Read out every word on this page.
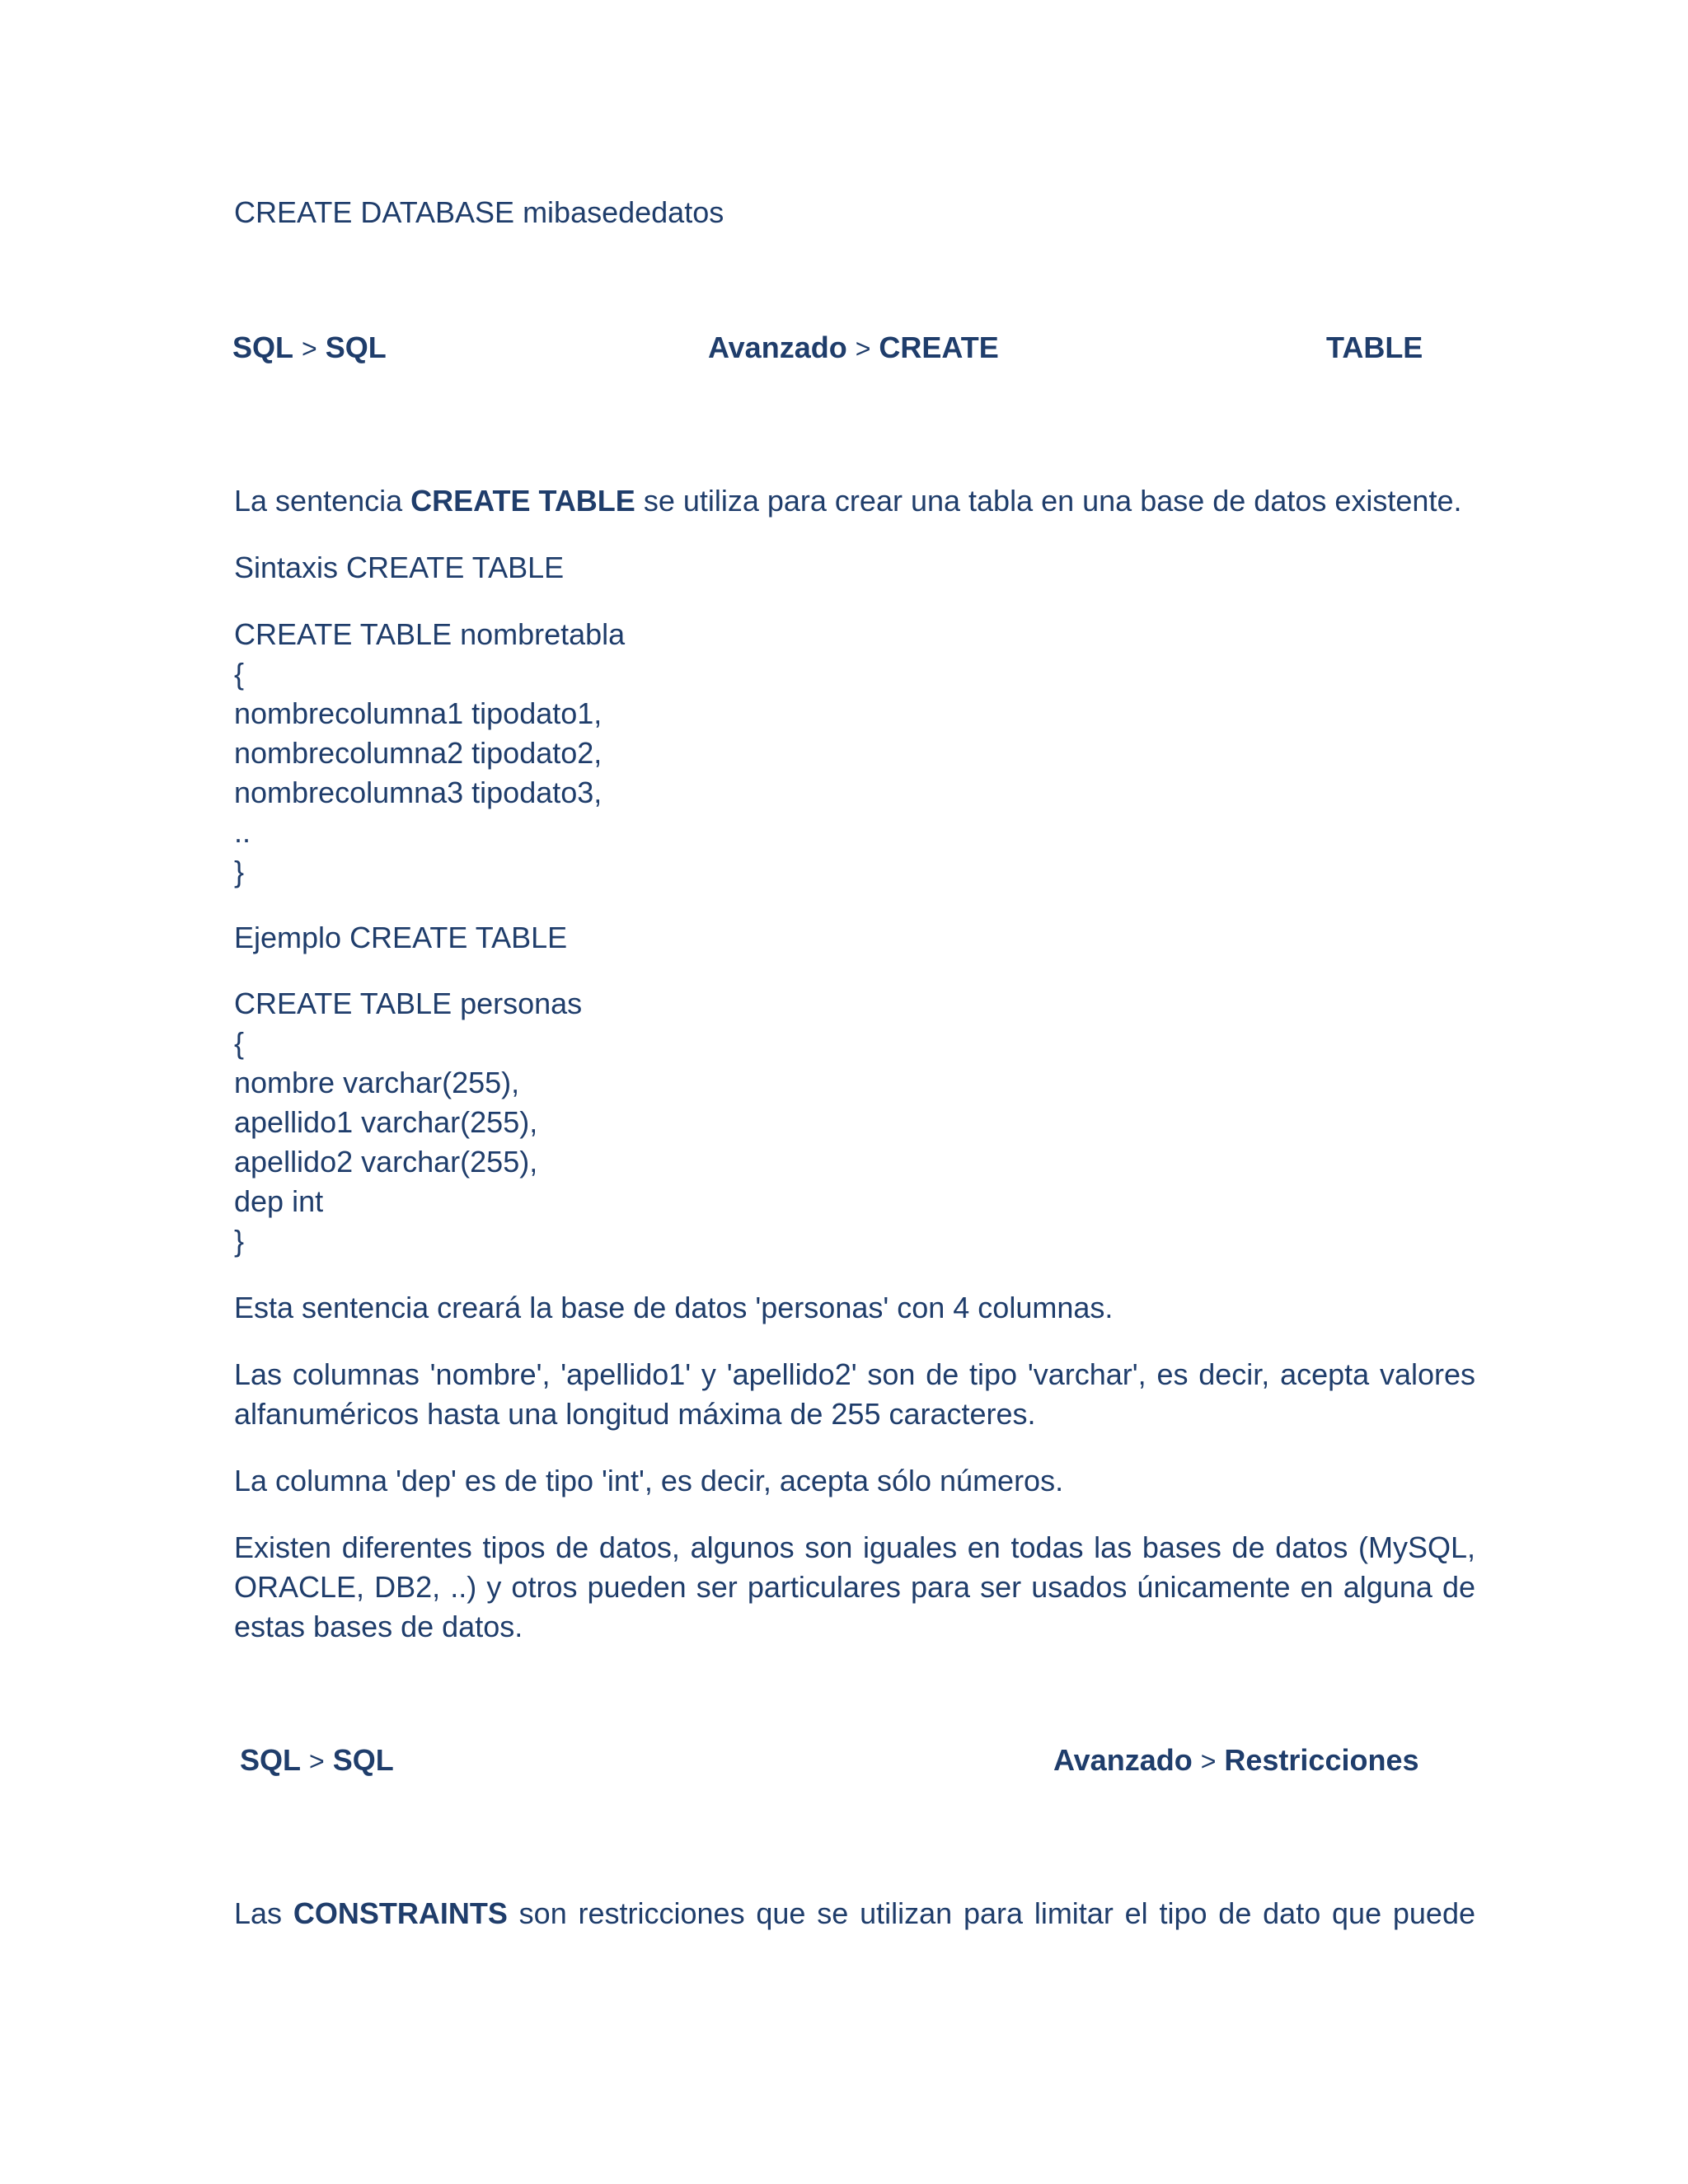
CREATE DATABASE mibasededatos
SQL > SQL	Avanzado > CREATE	TABLE
La sentencia CREATE TABLE se utiliza para crear una tabla en una base de datos existente.
Sintaxis CREATE TABLE
CREATE TABLE nombretabla
{
nombrecolumna1 tipodato1,
nombrecolumna2 tipodato2,
nombrecolumna3 tipodato3,
..
}
Ejemplo CREATE TABLE
CREATE TABLE personas
{
nombre varchar(255),
apellido1 varchar(255),
apellido2 varchar(255),
dep int
}
Esta sentencia creará la base de datos 'personas' con 4 columnas.
Las columnas 'nombre', 'apellido1' y 'apellido2' son de tipo 'varchar', es decir, acepta valores alfanuméricos hasta una longitud máxima de 255 caracteres.
La columna 'dep' es de tipo 'int', es decir, acepta sólo números.
Existen diferentes tipos de datos, algunos son iguales en todas las bases de datos (MySQL, ORACLE, DB2, ..) y otros pueden ser particulares para ser usados únicamente en alguna de estas bases de datos.
SQL > SQL	Avanzado > Restricciones
Las CONSTRAINTS son restricciones que se utilizan para limitar el tipo de dato que puede
